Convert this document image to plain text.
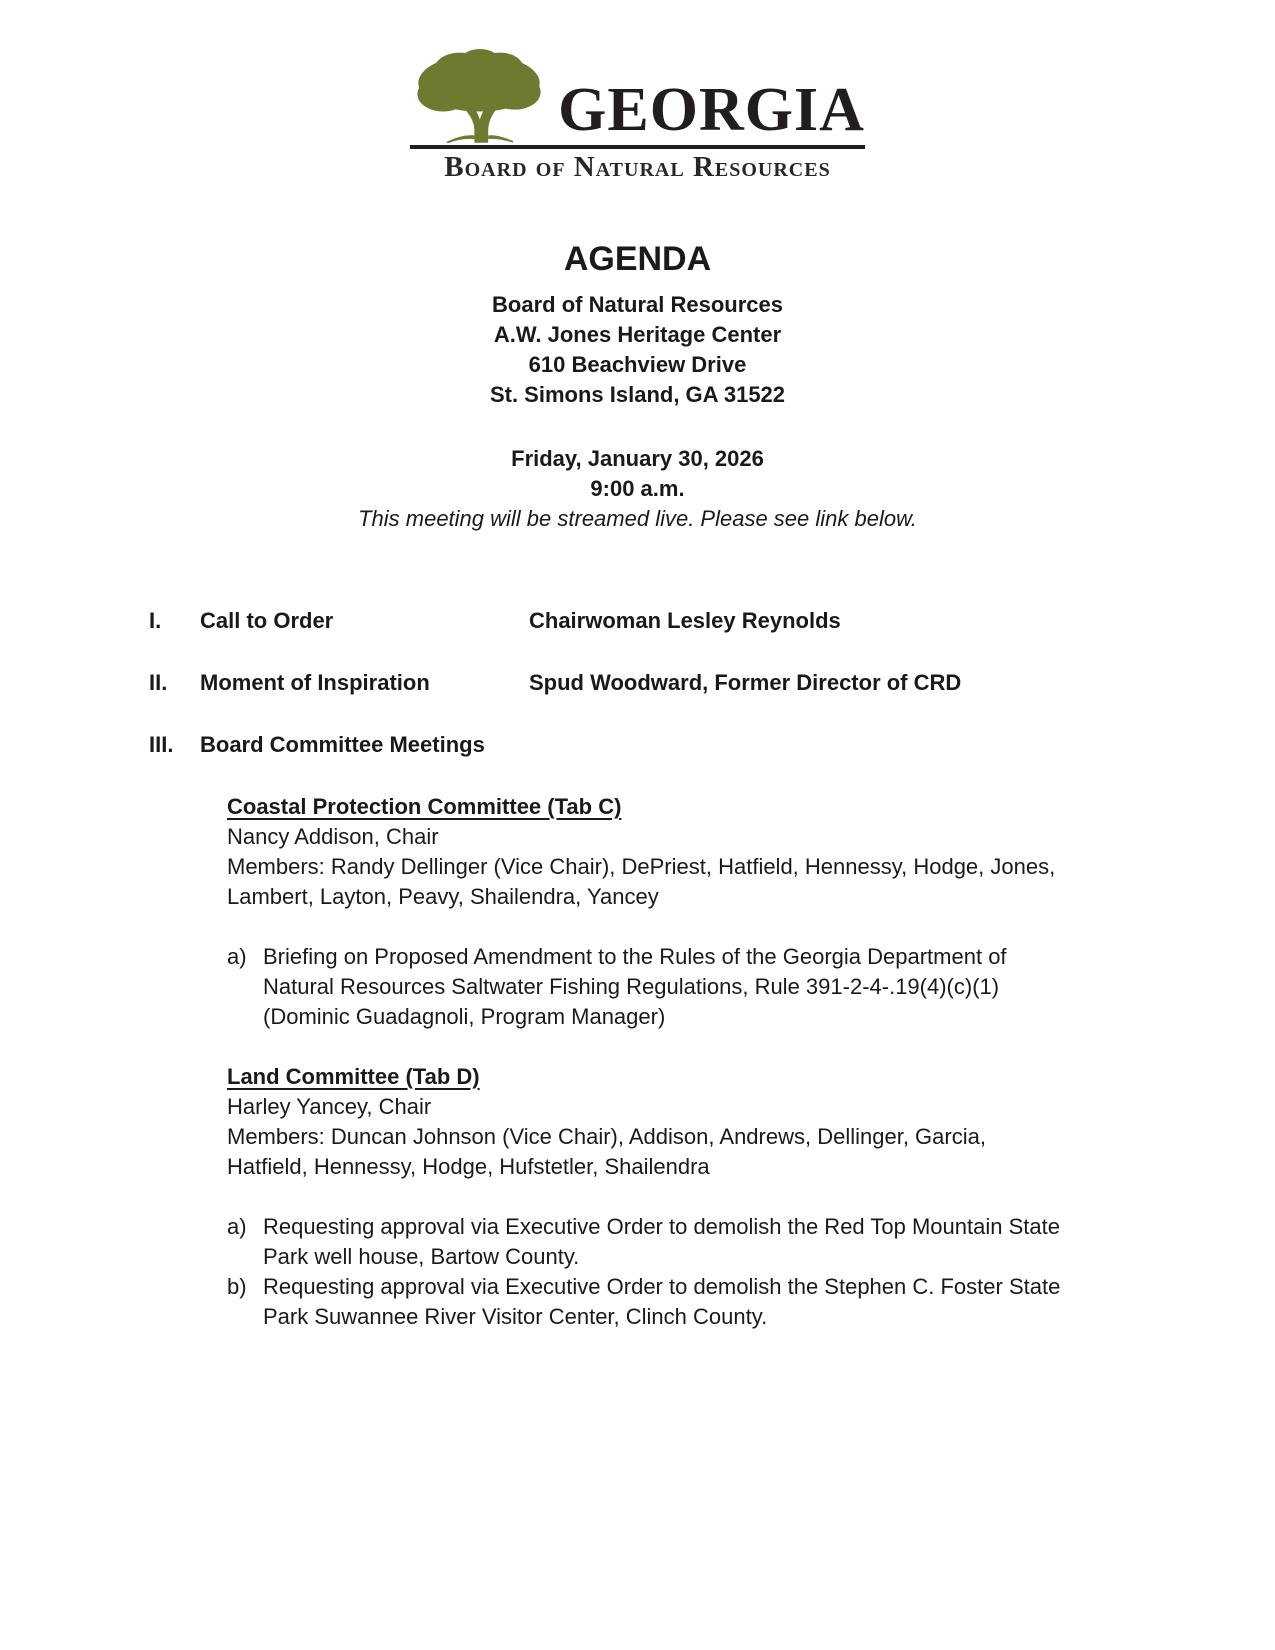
GEORGIA
Board of Natural Resources
AGENDA
Board of Natural Resources
A.W. Jones Heritage Center
610 Beachview Drive
St. Simons Island, GA 31522
Friday, January 30, 2026
9:00 a.m.
This meeting will be streamed live. Please see link below.
I.	Call to Order	Chairwoman Lesley Reynolds
II.	Moment of Inspiration	Spud Woodward, Former Director of CRD
III.	Board Committee Meetings
Coastal Protection Committee (Tab C)
Nancy Addison, Chair
Members: Randy Dellinger (Vice Chair), DePriest, Hatfield, Hennessy, Hodge, Jones, Lambert, Layton, Peavy, Shailendra, Yancey
a) Briefing on Proposed Amendment to the Rules of the Georgia Department of Natural Resources Saltwater Fishing Regulations, Rule 391-2-4-.19(4)(c)(1) (Dominic Guadagnoli, Program Manager)
Land Committee (Tab D)
Harley Yancey, Chair
Members: Duncan Johnson (Vice Chair), Addison, Andrews, Dellinger, Garcia, Hatfield, Hennessy, Hodge, Hufstetler, Shailendra
a) Requesting approval via Executive Order to demolish the Red Top Mountain State Park well house, Bartow County.
b) Requesting approval via Executive Order to demolish the Stephen C. Foster State Park Suwannee River Visitor Center, Clinch County.
